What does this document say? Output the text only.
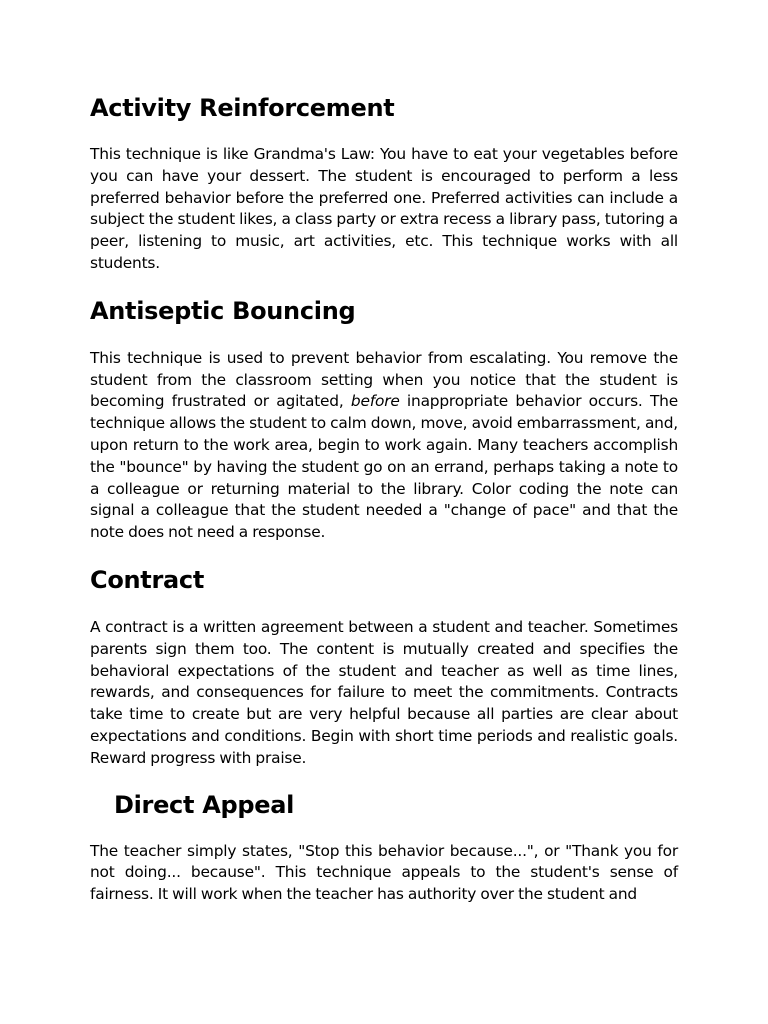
Activity Reinforcement

This technique is like Grandma's Law: You have to eat your vegetables before you can have your dessert. The student is encouraged to perform a less preferred behavior before the preferred one. Preferred activities can include a subject the student likes, a class party or extra recess a library pass, tutoring a peer, listening to music, art activities, etc. This technique works with all students.

Antiseptic Bouncing

This technique is used to prevent behavior from escalating. You remove the student from the classroom setting when you notice that the student is becoming frustrated or agitated, before inappropriate behavior occurs. The technique allows the student to calm down, move, avoid embarrassment, and, upon return to the work area, begin to work again. Many teachers accomplish the "bounce" by having the student go on an errand, perhaps taking a note to a colleague or returning material to the library. Color coding the note can signal a colleague that the student needed a "change of pace" and that the note does not need a response.

Contract

A contract is a written agreement between a student and teacher. Sometimes parents sign them too. The content is mutually created and specifies the behavioral expectations of the student and teacher as well as time lines, rewards, and consequences for failure to meet the commitments. Contracts take time to create but are very helpful because all parties are clear about expectations and conditions. Begin with short time periods and realistic goals. Reward progress with praise.

Direct Appeal

The teacher simply states, "Stop this behavior because...", or "Thank you for not doing... because". This technique appeals to the student's sense of fairness. It will work when the teacher has authority over the student and
